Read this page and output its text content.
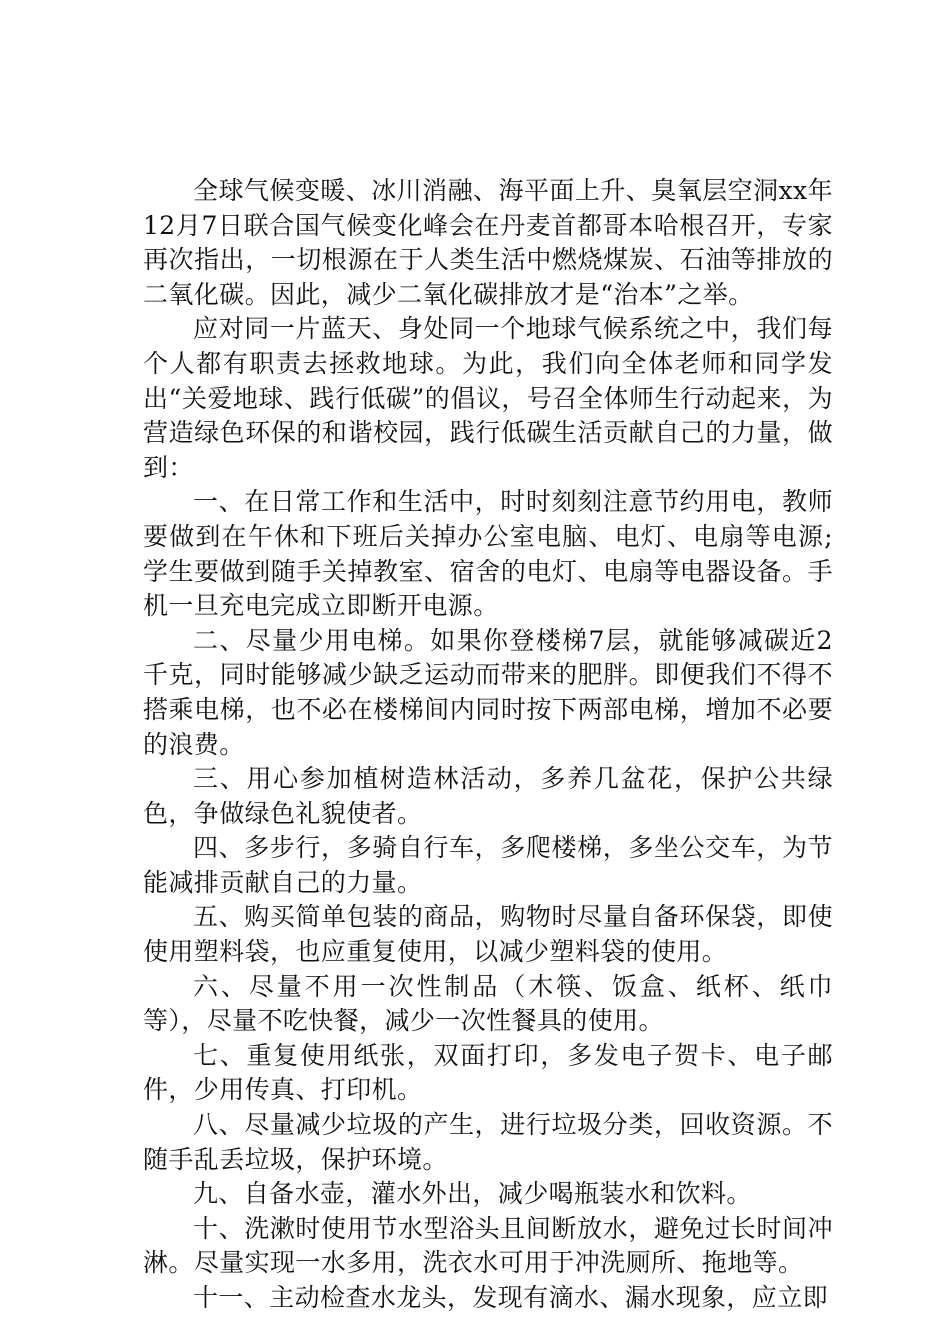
全球气候变暖、冰川消融、海平面上升、臭氧层空洞xx年12月7日联合国气候变化峰会在丹麦首都哥本哈根召开，专家再次指出，一切根源在于人类生活中燃烧煤炭、石油等排放的二氧化碳。因此，减少二氧化碳排放才是“治本”之举。

应对同一片蓝天、身处同一个地球气候系统之中，我们每个人都有职责去拯救地球。为此，我们向全体老师和同学发出“关爱地球、践行低碳”的倡议，号召全体师生行动起来，为营造绿色环保的和谐校园，践行低碳生活贡献自己的力量，做到：

一、在日常工作和生活中，时时刻刻注意节约用电，教师要做到在午休和下班后关掉办公室电脑、电灯、电扇等电源;学生要做到随手关掉教室、宿舍的电灯、电扇等电器设备。手机一旦充电完成立即断开电源。

二、尽量少用电梯。如果你登楼梯7层，就能够减碳近2千克，同时能够减少缺乏运动而带来的肥胖。即便我们不得不搭乘电梯，也不必在楼梯间内同时按下两部电梯，增加不必要的浪费。

三、用心参加植树造林活动，多养几盆花，保护公共绿色，争做绿色礼貌使者。

四、多步行，多骑自行车，多爬楼梯，多坐公交车，为节能减排贡献自己的力量。

五、购买简单包装的商品，购物时尽量自备环保袋，即使使用塑料袋，也应重复使用，以减少塑料袋的使用。

六、尽量不用一次性制品（木筷、饭盒、纸杯、纸巾等），尽量不吃快餐，减少一次性餐具的使用。

七、重复使用纸张，双面打印，多发电子贺卡、电子邮件，少用传真、打印机。

八、尽量减少垃圾的产生，进行垃圾分类，回收资源。不随手乱丢垃圾，保护环境。

九、自备水壶，灌水外出，减少喝瓶装水和饮料。

十、洗漱时使用节水型浴头且间断放水，避免过长时间冲淋。尽量实现一水多用，洗衣水可用于冲洗厕所、拖地等。

十一、主动检查水龙头，发现有滴水、漏水现象，应立即
